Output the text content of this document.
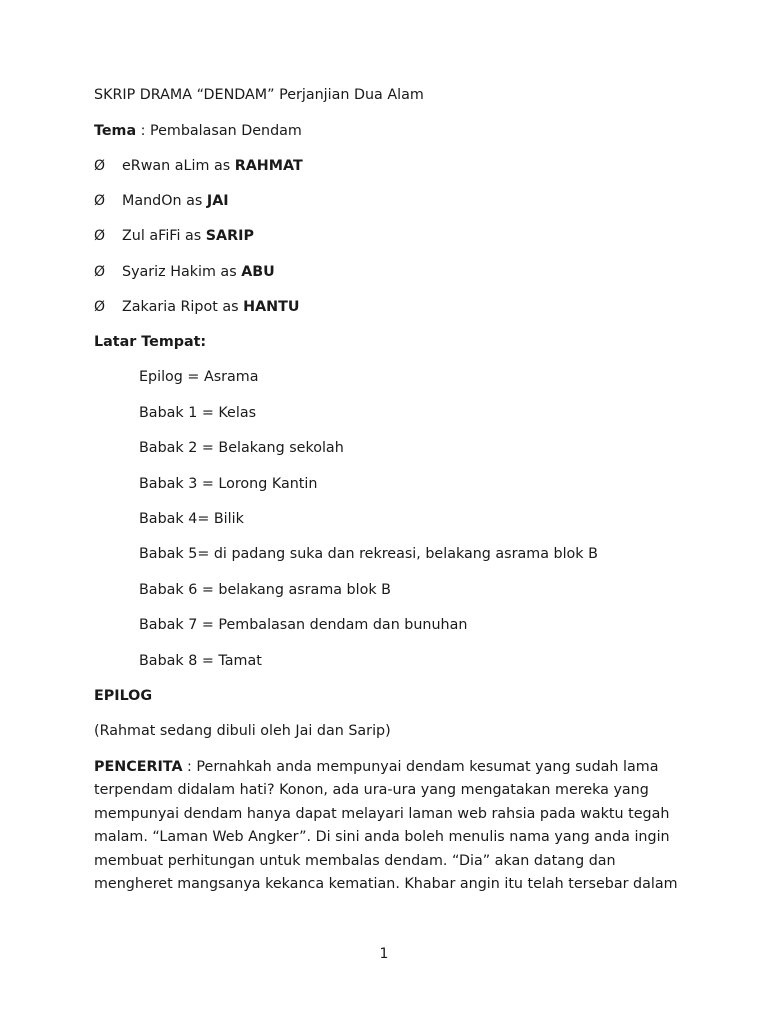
SKRIP DRAMA “DENDAM” Perjanjian Dua Alam

Tema : Pembalasan Dendam

Ø	eRwan aLim as RAHMAT
Ø	MandOn as JAI
Ø	Zul aFiFi as SARIP
Ø	Syariz Hakim as ABU
Ø	Zakaria Ripot as HANTU

Latar Tempat:

Epilog = Asrama
Babak 1 = Kelas
Babak 2 = Belakang sekolah
Babak 3 = Lorong Kantin
Babak 4= Bilik
Babak 5= di padang suka dan rekreasi, belakang asrama blok B
Babak 6 = belakang asrama blok B
Babak 7 = Pembalasan dendam dan bunuhan
Babak 8 = Tamat

EPILOG

(Rahmat sedang dibuli oleh Jai dan Sarip)

PENCERITA : Pernahkah anda mempunyai dendam kesumat yang sudah lama
terpendam didalam hati? Konon, ada ura-ura yang mengatakan mereka yang
mempunyai dendam hanya dapat melayari laman web rahsia pada waktu tegah
malam. “Laman Web Angker”. Di sini anda boleh menulis nama yang anda ingin
membuat perhitungan untuk membalas dendam. “Dia” akan datang dan
mengheret mangsanya kekanca kematian. Khabar angin itu telah tersebar dalam
1
